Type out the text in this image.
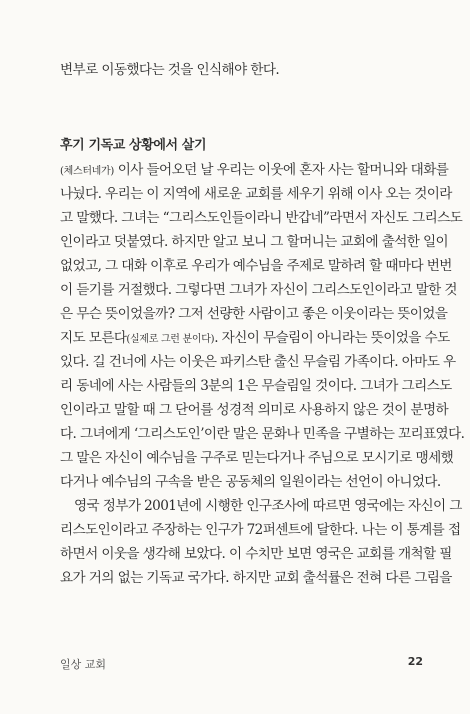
변부로 이동했다는 것을 인식해야 한다.
후기 기독교 상황에서 살기
(체스터네가) 이사 들어오던 날 우리는 이웃에 혼자 사는 할머니와 대화를
나눴다. 우리는 이 지역에 새로운 교회를 세우기 위해 이사 오는 것이라
고 말했다. 그녀는 “그리스도인들이라니 반갑네”라면서 자신도 그리스도
인이라고 덧붙였다. 하지만 알고 보니 그 할머니는 교회에 출석한 일이
없었고, 그 대화 이후로 우리가 예수님을 주제로 말하려 할 때마다 번번
이 듣기를 거절했다. 그렇다면 그녀가 자신이 그리스도인이라고 말한 것
은 무슨 뜻이었을까? 그저 선량한 사람이고 좋은 이웃이라는 뜻이었을
지도 모른다(실제로 그런 분이다). 자신이 무슬림이 아니라는 뜻이었을 수도
있다. 길 건너에 사는 이웃은 파키스탄 출신 무슬림 가족이다. 아마도 우
리 동네에 사는 사람들의 3분의 1은 무슬림일 것이다. 그녀가 그리스도
인이라고 말할 때 그 단어를 성경적 의미로 사용하지 않은 것이 분명하
다. 그녀에게 ‘그리스도인’이란 말은 문화나 민족을 구별하는 꼬리표였다.
그 말은 자신이 예수님을 구주로 믿는다거나 주님으로 모시기로 맹세했
다거나 예수님의 구속을 받은 공동체의 일원이라는 선언이 아니었다.
영국 정부가 2001년에 시행한 인구조사에 따르면 영국에는 자신이 그
리스도인이라고 주장하는 인구가 72퍼센트에 달한다. 나는 이 통계를 접
하면서 이웃을 생각해 보았다. 이 수치만 보면 영국은 교회를 개척할 필
요가 거의 없는 기독교 국가다. 하지만 교회 출석률은 전혀 다른 그림을
일상 교회	22
